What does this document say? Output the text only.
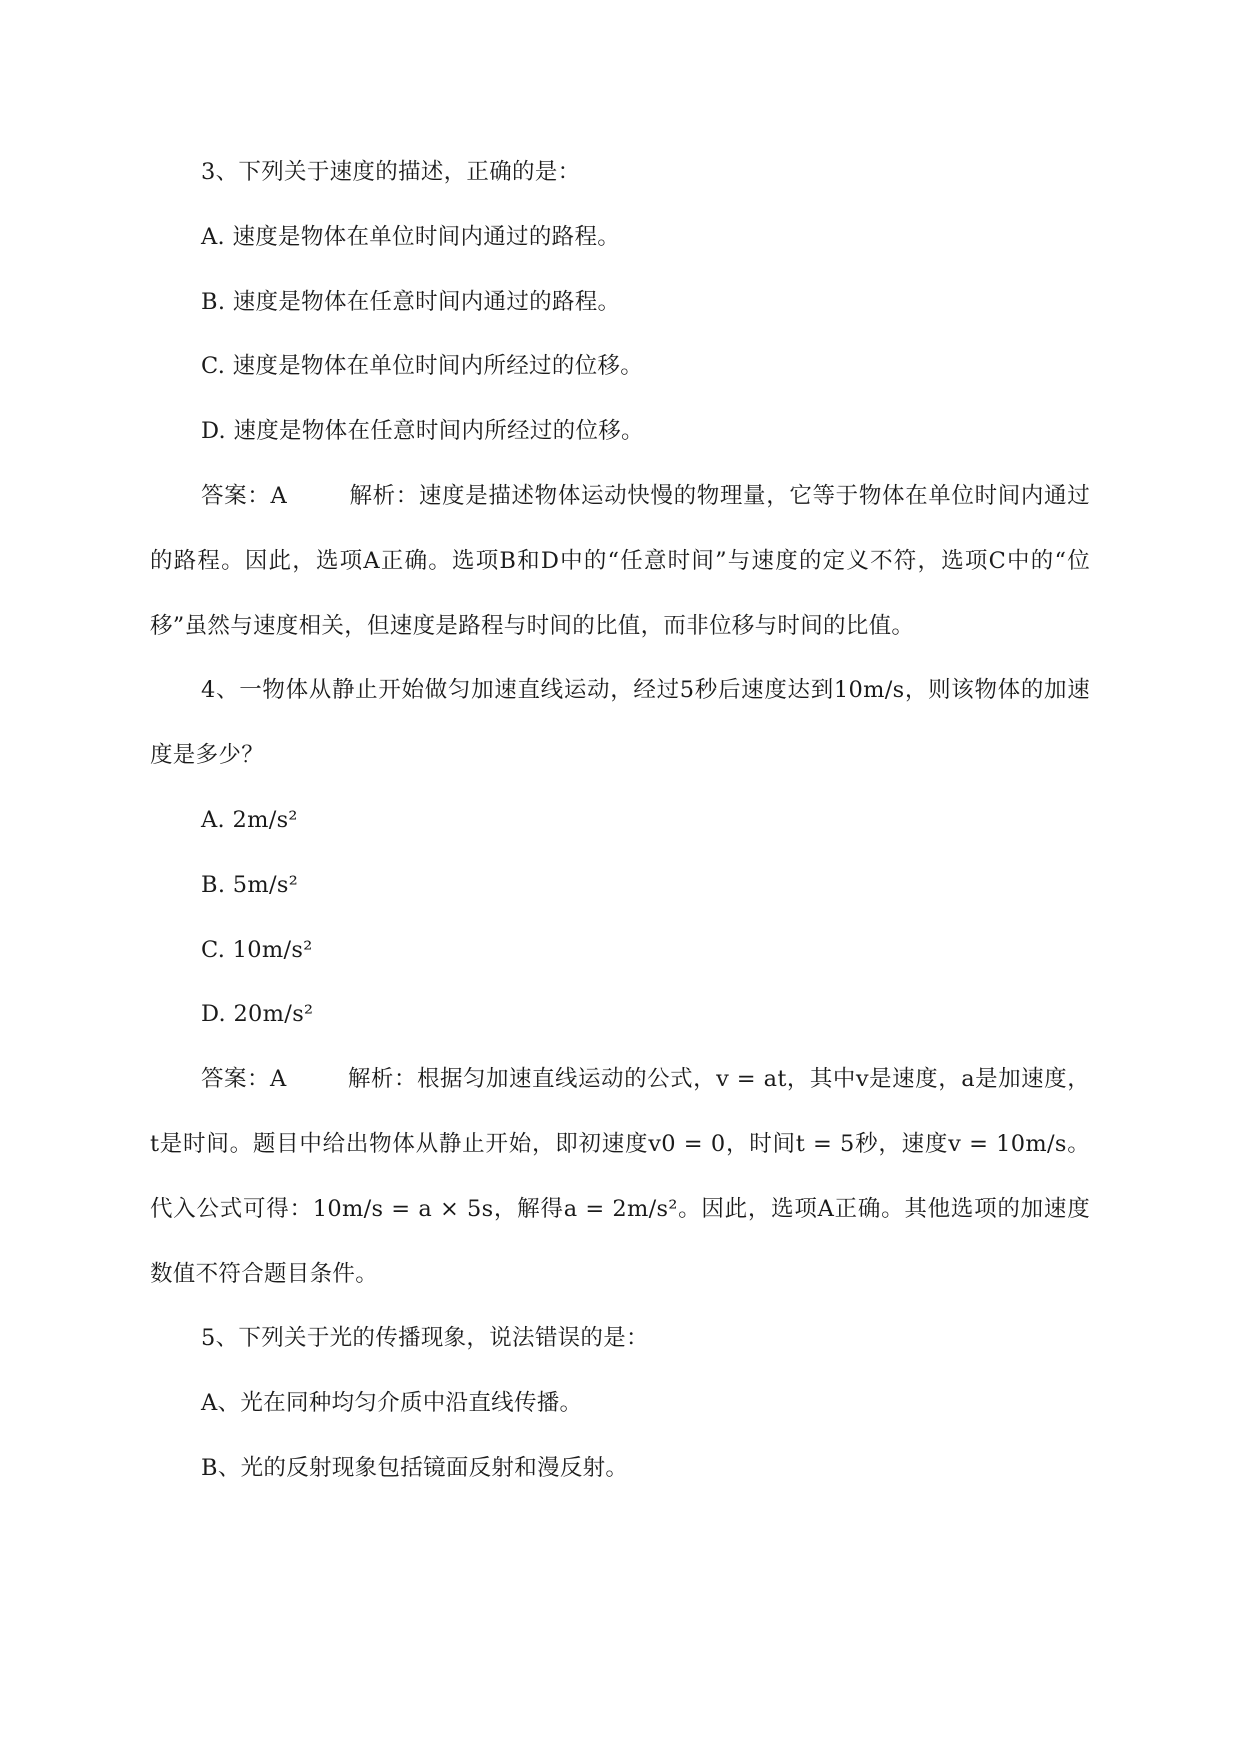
3、下列关于速度的描述，正确的是：

A. 速度是物体在单位时间内通过的路程。

B. 速度是物体在任意时间内通过的路程。

C. 速度是物体在单位时间内所经过的位移。

D. 速度是物体在任意时间内所经过的位移。

答案：A        解析：速度是描述物体运动快慢的物理量，它等于物体在单位时间内通过的路程。因此，选项A正确。选项B和D中的“任意时间”与速度的定义不符，选项C中的“位移”虽然与速度相关，但速度是路程与时间的比值，而非位移与时间的比值。

4、一物体从静止开始做匀加速直线运动，经过5秒后速度达到10m/s，则该物体的加速度是多少？

A. 2m/s²

B. 5m/s²

C. 10m/s²

D. 20m/s²

答案：A        解析：根据匀加速直线运动的公式，v = at，其中v是速度，a是加速度，t是时间。题目中给出物体从静止开始，即初速度v0 = 0，时间t = 5秒，速度v = 10m/s。代入公式可得：10m/s = a × 5s，解得a = 2m/s²。因此，选项A正确。其他选项的加速度数值不符合题目条件。

5、下列关于光的传播现象，说法错误的是：

A、光在同种均匀介质中沿直线传播。

B、光的反射现象包括镜面反射和漫反射。
